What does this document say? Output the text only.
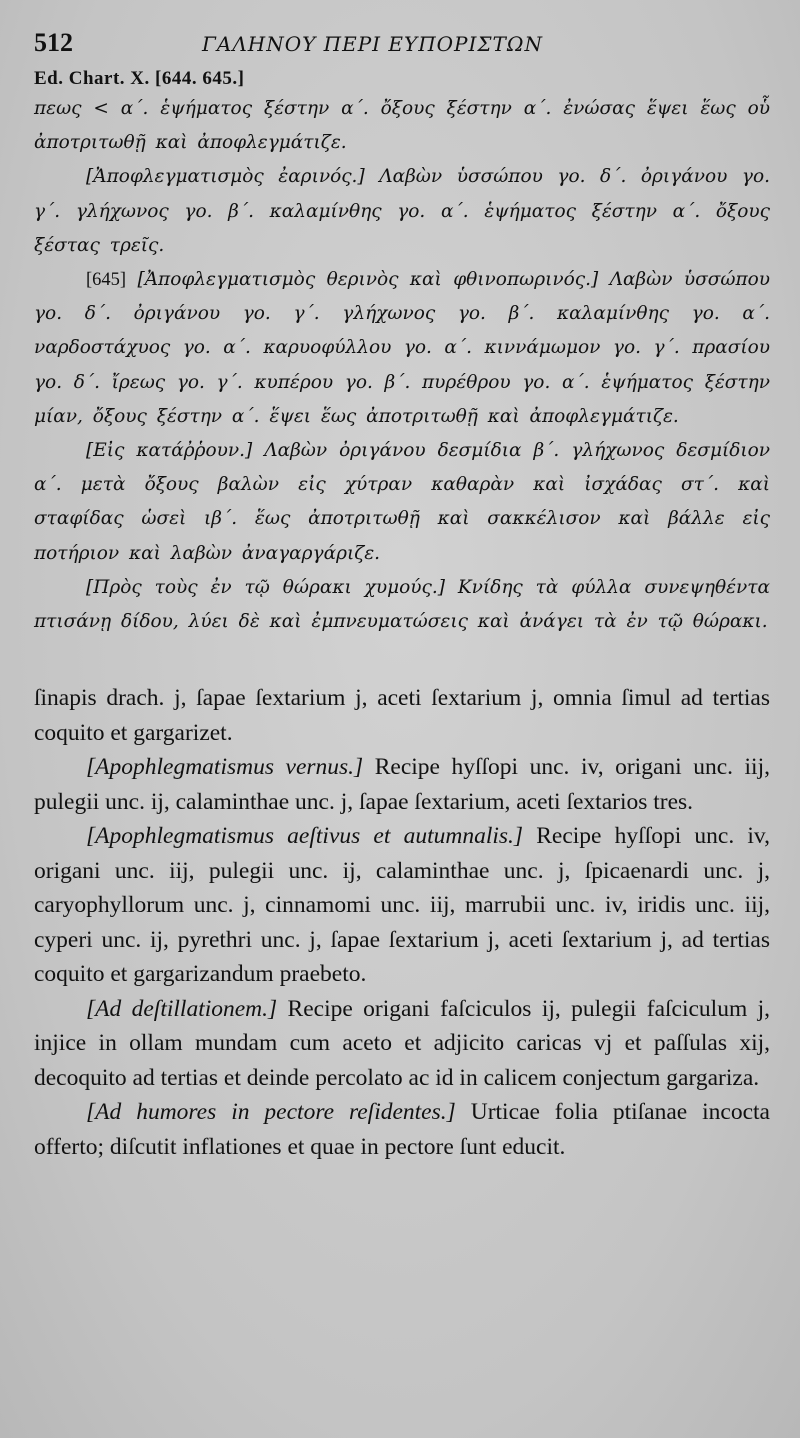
512	ΓΑΛΗΝΟΥ ΠΕΡΙ ΕΥΠΟΡΙΣΤΩΝ
Ed. Chart. X. [644. 645.]

πεως < α΄. ἑψήματος ξέστην α΄. ὄξους ξέστην α΄. ἐνώσας ἕψει ἕως οὗ ἀποτριτωθῇ καὶ ἀποφλεγμάτιζε.

[Ἀποφλεγματισμὸς ἐαρινός.] Λαβὼν ὑσσώπου γο. δ΄. ὀριγάνου γο. γ΄. γλήχωνος γο. β΄. καλαμίνθης γο. α΄. ἑψήματος ξέστην α΄. ὄξους ξέστας τρεῖς.

[645] [Ἀποφλεγματισμὸς θερινὸς καὶ φθινοπωρινός.] Λαβὼν ὑσσώπου γο. δ΄. ὀριγάνου γο. γ΄. γλήχωνος γο. β΄. καλαμίνθης γο. α΄. ναρδοστάχυος γο. α΄. καρυοφύλλου γο. α΄. κιννάμωμον γο. γ΄. πρασίου γο. δ΄. ἴρεως γο. γ΄. κυπέρου γο. β΄. πυρέθρου γο. α΄. ἑψήματος ξέστην μίαν, ὄξους ξέστην α΄. ἕψει ἕως ἀποτριτωθῇ καὶ ἀποφλεγμάτιζε.

[Εἰς κατάῤῥουν.] Λαβὼν ὀριγάνου δεσμίδια β΄. γλήχωνος δεσμίδιον α΄. μετὰ ὄξους βαλὼν εἰς χύτραν καθαρὰν καὶ ἰσχάδας στ΄. καὶ σταφίδας ὡσεὶ ιβ΄. ἕως ἀποτριτωθῇ καὶ σακκέλισον καὶ βάλλε εἰς ποτήριον καὶ λαβὼν ἀναγαργάριζε.

[Πρὸς τοὺς ἐν τῷ θώρακι χυμούς.] Κνίδης τὰ φύλλα συνεψηθέντα πτισάνῃ δίδου, λύει δὲ καὶ ἐμπνευματώσεις καὶ ἀνάγει τὰ ἐν τῷ θώρακι.

ſinapis drach. j, ſapae ſextarium j, aceti ſextarium j, omnia ſimul ad tertias coquito et gargarizet.

[Apophlegmatismus vernus.] Recipe hyſſopi unc. iv, origani unc. iij, pulegii unc. ij, calaminthae unc. j, ſapae ſextarium, aceti ſextarios tres.

[Apophlegmatismus aeſtivus et autumnalis.] Recipe hyſſopi unc. iv, origani unc. iij, pulegii unc. ij, calaminthae unc. j, ſpicaenardi unc. j, caryophyllorum unc. j, cinnamomi unc. iij, marrubii unc. iv, iridis unc. iij, cyperi unc. ij, pyrethri unc. j, ſapae ſextarium j, aceti ſextarium j, ad tertias coquito et gargarizandum praebeto.

[Ad deſtillationem.] Recipe origani faſciculos ij, pulegii faſciculum j, injice in ollam mundam cum aceto et adjicito caricas vj et paſſulas xij, decoquito ad tertias et deinde percolato ac id in calicem conjectum gargariza.

[Ad humores in pectore reſidentes.] Urticae folia ptiſanae incocta offerto; diſcutit inflationes et quae in pectore ſunt educit.
